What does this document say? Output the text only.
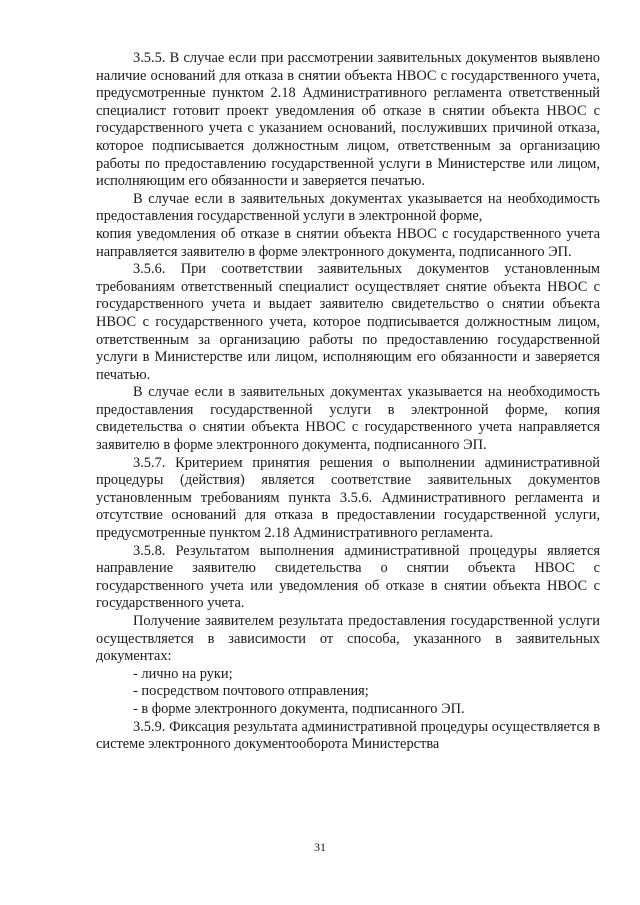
3.5.5. В случае если при рассмотрении заявительных документов выявлено наличие оснований для отказа в снятии объекта НВОС с государственного учета, предусмотренные пунктом 2.18 Административного регламента ответственный специалист готовит проект уведомления об отказе в снятии объекта НВОС с государственного учета с указанием оснований, послуживших причиной отказа, которое подписывается должностным лицом, ответственным за организацию работы по предоставлению государственной услуги в Министерстве или лицом, исполняющим его обязанности и заверяется печатью.

В случае если в заявительных документах указывается на необходимость предоставления государственной услуги в электронной форме,

копия уведомления об отказе в снятии объекта НВОС с государственного учета направляется заявителю в форме электронного документа, подписанного ЭП.

3.5.6. При соответствии заявительных документов установленным требованиям ответственный специалист осуществляет снятие объекта НВОС с государственного учета и выдает заявителю свидетельство о снятии объекта НВОС с государственного учета, которое подписывается должностным лицом, ответственным за организацию работы по предоставлению государственной услуги в Министерстве или лицом, исполняющим его обязанности и заверяется печатью.

В случае если в заявительных документах указывается на необходимость предоставления государственной услуги в электронной форме, копия свидетельства о снятии объекта НВОС с государственного учета направляется заявителю в форме электронного документа, подписанного ЭП.

3.5.7. Критерием принятия решения о выполнении административной процедуры (действия) является соответствие заявительных документов установленным требованиям пункта 3.5.6. Административного регламента и отсутствие оснований для отказа в предоставлении государственной услуги, предусмотренные пунктом 2.18 Административного регламента.

3.5.8. Результатом выполнения административной процедуры является направление заявителю свидетельства о снятии объекта НВОС с государственного учета или уведомления об отказе в снятии объекта НВОС с государственного учета.

Получение заявителем результата предоставления государственной услуги осуществляется в зависимости от способа, указанного в заявительных документах:

- лично на руки;

- посредством почтового отправления;

- в форме электронного документа, подписанного ЭП.

3.5.9. Фиксация результата административной процедуры осуществляется в системе электронного документооборота Министерства

31
